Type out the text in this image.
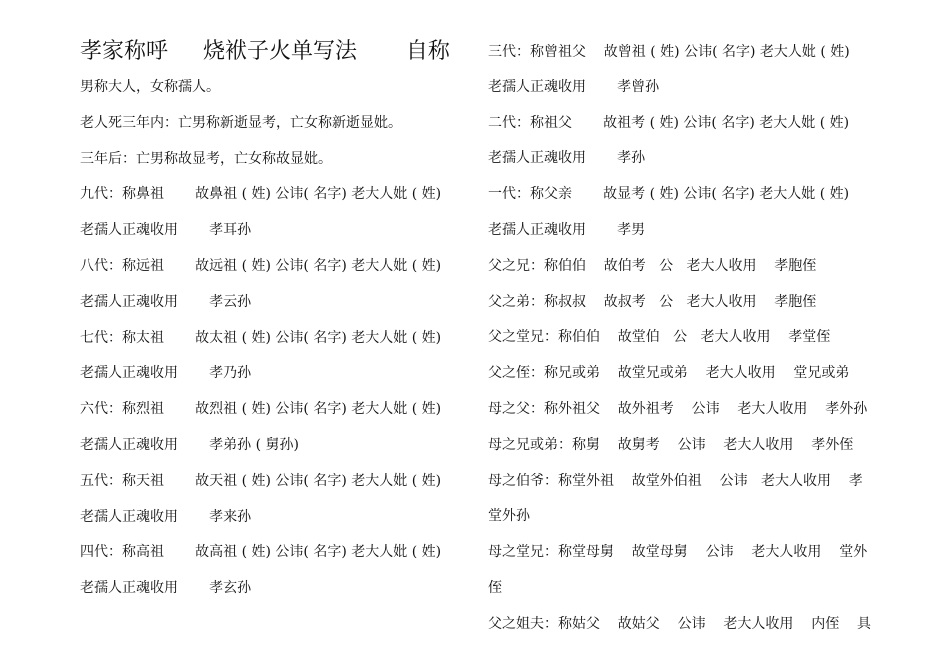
孝家称呼     烧袱子火单写法       自称
男称大人，女称孺人。
老人死三年内：亡男称新逝显考，亡女称新逝显妣。
三年后：亡男称故显考，亡女称故显妣。
九代：称鼻祖       故鼻祖 ( 姓) 公讳( 名字) 老大人妣 ( 姓)
老孺人正魂收用       孝耳孙
八代：称远祖       故远祖 ( 姓) 公讳( 名字) 老大人妣 ( 姓)
老孺人正魂收用       孝云孙
七代：称太祖       故太祖 ( 姓) 公讳( 名字) 老大人妣 ( 姓)
老孺人正魂收用       孝乃孙
六代：称烈祖       故烈祖 ( 姓) 公讳( 名字) 老大人妣 ( 姓)
老孺人正魂收用       孝弟孙 ( 舅孙)
五代：称天祖       故天祖 ( 姓) 公讳( 名字) 老大人妣 ( 姓)
老孺人正魂收用       孝来孙
四代：称高祖       故高祖 ( 姓) 公讳( 名字) 老大人妣 ( 姓)
老孺人正魂收用       孝玄孙
三代：称曾祖父    故曾祖 ( 姓) 公讳( 名字) 老大人妣 ( 姓)
老孺人正魂收用       孝曾孙
二代：称祖父       故祖考 ( 姓) 公讳( 名字) 老大人妣 ( 姓)
老孺人正魂收用       孝孙
一代：称父亲       故显考 ( 姓) 公讳( 名字) 老大人妣 ( 姓)
老孺人正魂收用       孝男
父之兄：称伯伯    故伯考   公   老大人收用    孝胞侄
父之弟：称叔叔    故叔考   公   老大人收用    孝胞侄
父之堂兄：称伯伯    故堂伯   公   老大人收用    孝堂侄
父之侄：称兄或弟    故堂兄或弟    老大人收用    堂兄或弟
母之父：称外祖父    故外祖考    公讳    老大人收用    孝外孙
母之兄或弟：称舅    故舅考    公讳    老大人收用    孝外侄
母之伯爷：称堂外祖    故堂外伯祖    公讳   老大人收用    孝
堂外孙
母之堂兄：称堂母舅    故堂母舅    公讳    老大人收用    堂外
侄
父之姐夫：称姑父    故姑父    公讳    老大人收用    内侄    具
